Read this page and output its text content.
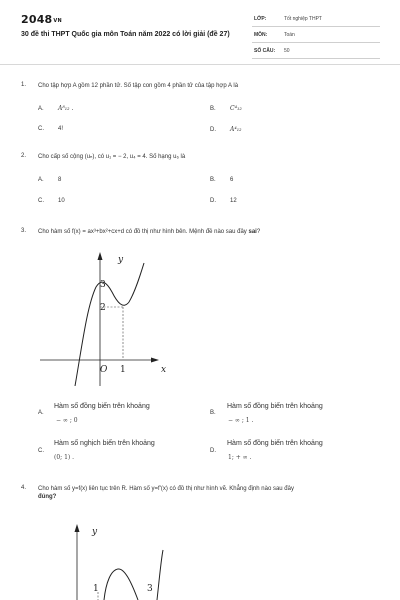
2048VN
30 đề thi THPT Quốc gia môn Toán năm 2022 có lời giải (đề 27)
LỚP:	Tốt nghiệp THPT
MÔN:	Toán
SỐ CÂU: 50
1. Cho tập hợp A gồm 12 phần tử. Số tập con gồm 4 phần tử của tập hợp A là
A. A⁸₁₂ .	B. C⁴₁₂
C. 4!	D. A⁴₁₂
2. Cho cấp số cộng (uₙ), có u₁ = − 2, u₄ = 4. Số hạng u₆ là
A. 8	B. 6
C. 10	D. 12
3. Cho hàm số f(x) = ax³+bx²+cx+d có đồ thị như hình bên. Mệnh đề nào sau đây sai?
y
x
O 1
3
2
A.
Hàm số đồng biến trên khoảng
− ∞ ; 0
B.
Hàm số đồng biến trên khoảng
− ∞ ; 1 .
C.
Hàm số nghịch biến trên khoảng
(0; 1) .
D.
Hàm số đồng biến trên khoảng
1; + ∞ .
4. Cho hàm số y=f(x) liên tục trên R. Hàm số y=f'(x) có đồ thị như hình vẽ. Khẳng định nào sau đây
đúng?
y
1	3
